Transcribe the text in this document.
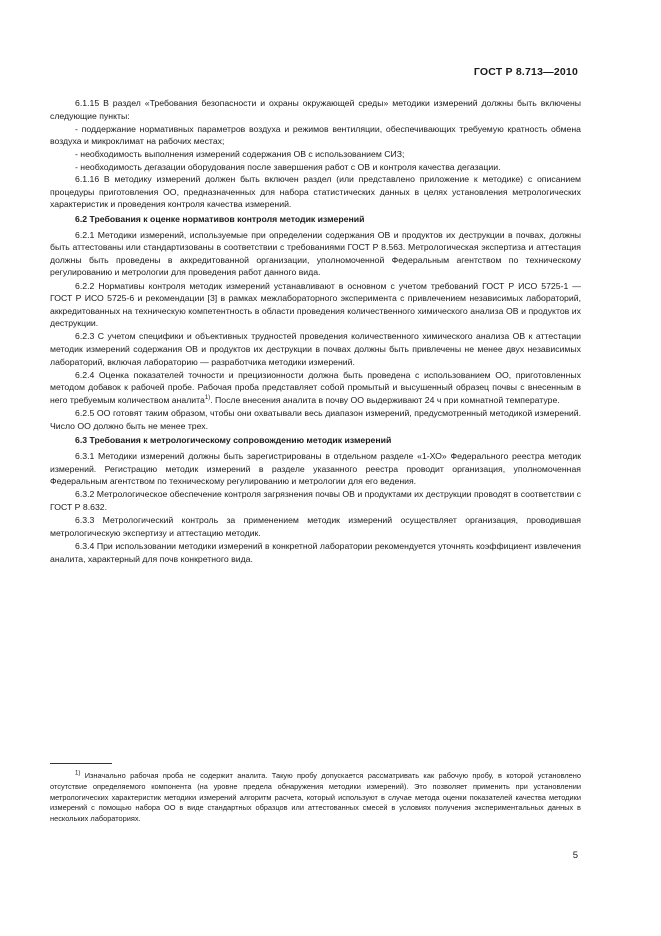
ГОСТ Р 8.713—2010

6.1.15 В раздел «Требования безопасности и охраны окружающей среды» методики измерений должны быть включены следующие пункты:

- поддержание нормативных параметров воздуха и режимов вентиляции, обеспечивающих требуемую кратность обмена воздуха и микроклимат на рабочих местах;

- необходимость выполнения измерений содержания ОВ с использованием СИЗ;

- необходимость дегазации оборудования после завершения работ с ОВ и контроля качества дегазации.

6.1.16 В методику измерений должен быть включен раздел (или представлено приложение к методике) с описанием процедуры приготовления ОО, предназначенных для набора статистических данных в целях установления метрологических характеристик и проведения контроля качества измерений.

6.2 Требования к оценке нормативов контроля методик измерений

6.2.1 Методики измерений, используемые при определении содержания ОВ и продуктов их деструкции в почвах, должны быть аттестованы или стандартизованы в соответствии с требованиями ГОСТ Р 8.563. Метрологическая экспертиза и аттестация должны быть проведены в аккредитованной организации, уполномоченной Федеральным агентством по техническому регулированию и метрологии для проведения работ данного вида.

6.2.2 Нормативы контроля методик измерений устанавливают в основном с учетом требований ГОСТ Р ИСО 5725-1 — ГОСТ Р ИСО 5725-6 и рекомендации [3] в рамках межлабораторного эксперимента с привлечением независимых лабораторий, аккредитованных на техническую компетентность в области проведения количественного химического анализа ОВ и продуктов их деструкции.

6.2.3 С учетом специфики и объективных трудностей проведения количественного химического анализа ОВ к аттестации методик измерений содержания ОВ и продуктов их деструкции в почвах должны быть привлечены не менее двух независимых лабораторий, включая лабораторию — разработчика методики измерений.

6.2.4 Оценка показателей точности и прецизионности должна быть проведена с использованием ОО, приготовленных методом добавок к рабочей пробе. Рабочая проба представляет собой промытый и высушенный образец почвы с внесенным в него требуемым количеством аналита$^{1)}$. После внесения аналита в почву ОО выдерживают 24 ч при комнатной температуре.

6.2.5 ОО готовят таким образом, чтобы они охватывали весь диапазон измерений, предусмотренный методикой измерений. Число ОО должно быть не менее трех.

6.3 Требования к метрологическому сопровождению методик измерений

6.3.1 Методики измерений должны быть зарегистрированы в отдельном разделе «1-ХО» Федерального реестра методик измерений. Регистрацию методик измерений в разделе указанного реестра проводит организация, уполномоченная Федеральным агентством по техническому регулированию и метрологии для его ведения.

6.3.2 Метрологическое обеспечение контроля загрязнения почвы ОВ и продуктами их деструкции проводят в соответствии с ГОСТ Р 8.632.

6.3.3 Метрологический контроль за применением методик измерений осуществляет организация, проводившая метрологическую экспертизу и аттестацию методик.

6.3.4 При использовании методики измерений в конкретной лаборатории рекомендуется уточнять коэффициент извлечения аналита, характерный для почв конкретного вида.

$^{1)}$ Изначально рабочая проба не содержит аналита. Такую пробу допускается рассматривать как рабочую пробу, в которой установлено отсутствие определяемого компонента (на уровне предела обнаружения методики измерений). Это позволяет применить при установлении метрологических характеристик методики измерений алгоритм расчета, который используют в случае метода оценки показателей качества методики измерений с помощью набора ОО в виде стандартных образцов или аттестованных смесей в условиях получения экспериментальных данных в нескольких лабораториях.
5
